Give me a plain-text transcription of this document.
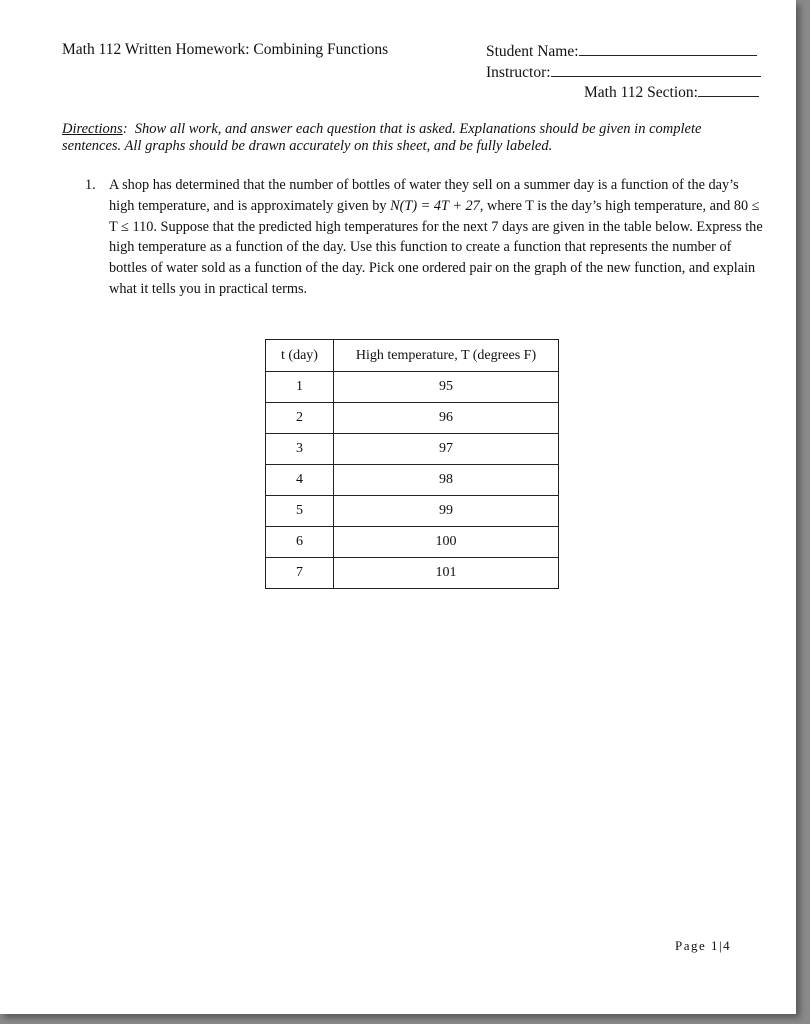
Math 112 Written Homework: Combining Functions	Student Name:
Instructor:
Math 112 Section:
Directions:  Show all work, and answer each question that is asked. Explanations should be given in complete sentences. All graphs should be drawn accurately on this sheet, and be fully labeled.
1. A shop has determined that the number of bottles of water they sell on a summer day is a function of the day’s high temperature, and is approximately given by N(T) = 4T + 27, where T is the day’s high temperature, and 80 ≤ T ≤ 110. Suppose that the predicted high temperatures for the next 7 days are given in the table below. Express the high temperature as a function of the day. Use this function to create a function that represents the number of bottles of water sold as a function of the day. Pick one ordered pair on the graph of the new function, and explain what it tells you in practical terms.
t (day)	High temperature, T (degrees F)
1	95
2	96
3	97
4	98
5	99
6	100
7	101
Page 1|4
